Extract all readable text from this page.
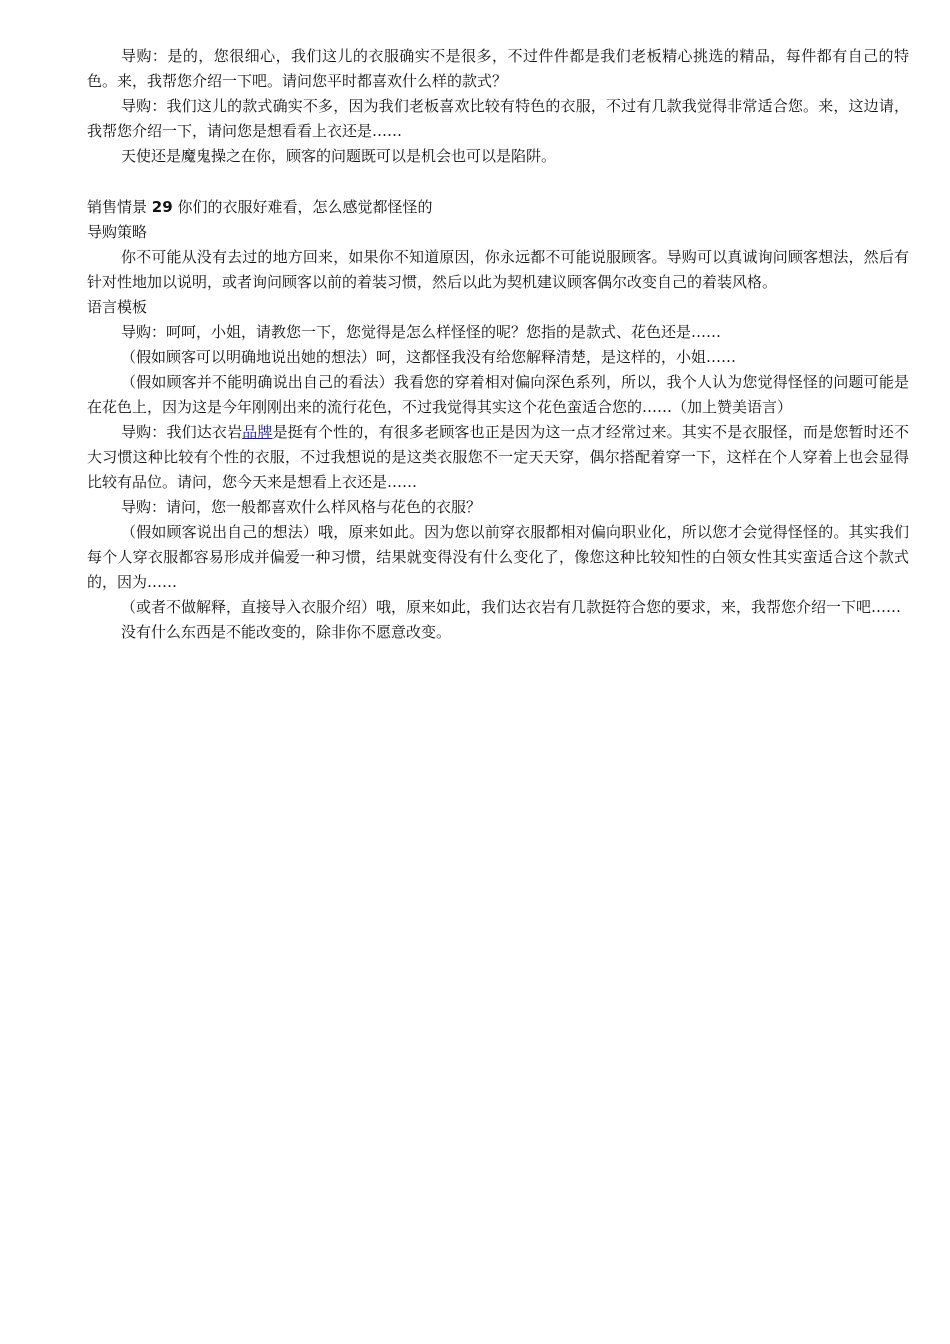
导购：是的，您很细心，我们这儿的衣服确实不是很多，不过件件都是我们老板精心挑选的精品，每件都有自己的特色。来，我帮您介绍一下吧。请问您平时都喜欢什么样的款式？

导购：我们这儿的款式确实不多，因为我们老板喜欢比较有特色的衣服，不过有几款我觉得非常适合您。来，这边请，我帮您介绍一下，请问您是想看看上衣还是……

天使还是魔鬼操之在你，顾客的问题既可以是机会也可以是陷阱。

销售情景 29 你们的衣服好难看，怎么感觉都怪怪的

导购策略

你不可能从没有去过的地方回来，如果你不知道原因，你永远都不可能说服顾客。导购可以真诚询问顾客想法，然后有针对性地加以说明，或者询问顾客以前的着装习惯，然后以此为契机建议顾客偶尔改变自己的着装风格。

语言模板

导购：呵呵，小姐，请教您一下，您觉得是怎么样怪怪的呢？您指的是款式、花色还是……

（假如顾客可以明确地说出她的想法）呵，这都怪我没有给您解释清楚，是这样的，小姐……

（假如顾客并不能明确说出自己的看法）我看您的穿着相对偏向深色系列，所以，我个人认为您觉得怪怪的问题可能是在花色上，因为这是今年刚刚出来的流行花色，不过我觉得其实这个花色蛮适合您的……（加上赞美语言）

导购：我们达衣岩品牌是挺有个性的，有很多老顾客也正是因为这一点才经常过来。其实不是衣服怪，而是您暂时还不大习惯这种比较有个性的衣服，不过我想说的是这类衣服您不一定天天穿，偶尔搭配着穿一下，这样在个人穿着上也会显得比较有品位。请问，您今天来是想看上衣还是……

导购：请问，您一般都喜欢什么样风格与花色的衣服？

（假如顾客说出自己的想法）哦，原来如此。因为您以前穿衣服都相对偏向职业化，所以您才会觉得怪怪的。其实我们每个人穿衣服都容易形成并偏爱一种习惯，结果就变得没有什么变化了，像您这种比较知性的白领女性其实蛮适合这个款式的，因为……

（或者不做解释，直接导入衣服介绍）哦，原来如此，我们达衣岩有几款挺符合您的要求，来，我帮您介绍一下吧……

没有什么东西是不能改变的，除非你不愿意改变。
